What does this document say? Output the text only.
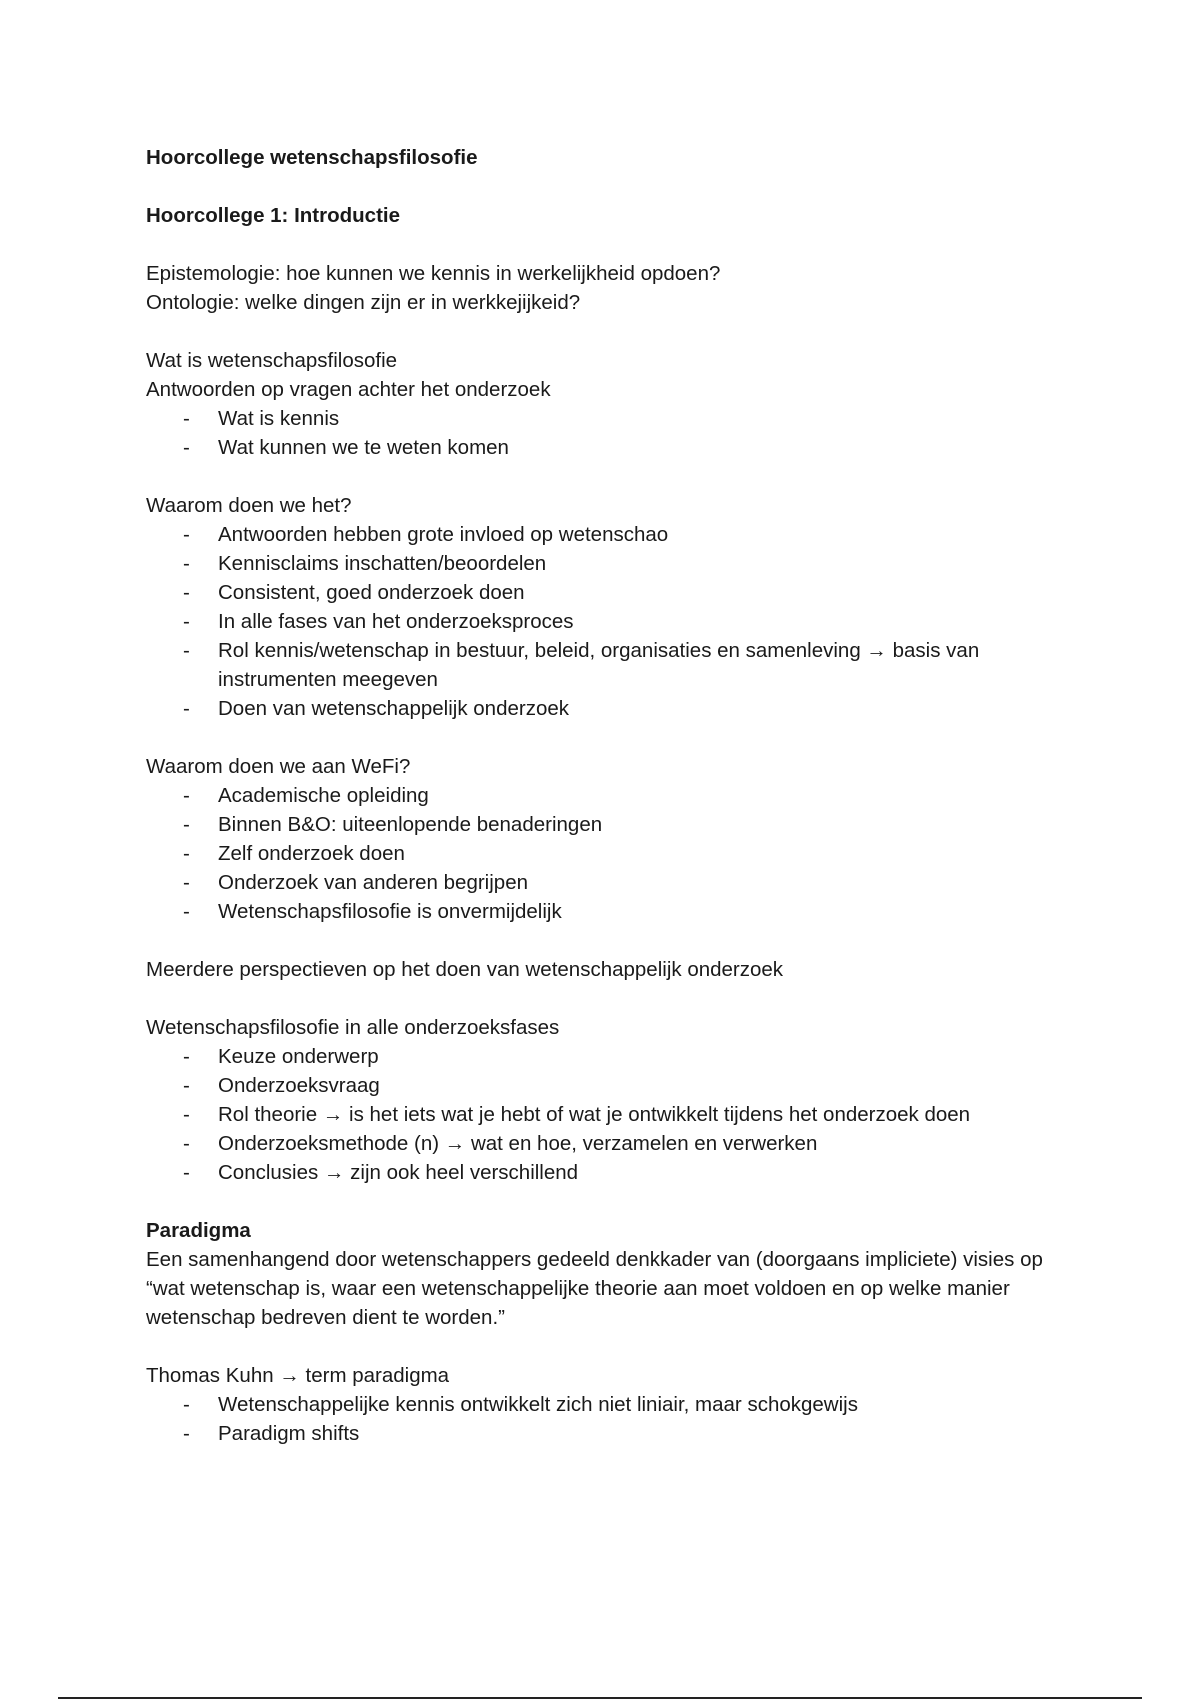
Hoorcollege wetenschapsfilosofie

Hoorcollege 1: Introductie

Epistemologie: hoe kunnen we kennis in werkelijkheid opdoen?

Ontologie: welke dingen zijn er in werkkejijkeid?

Wat is wetenschapsfilosofie

Antwoorden op vragen achter het onderzoek

- Wat is kennis
- Wat kunnen we te weten komen

Waarom doen we het?

- Antwoorden hebben grote invloed op wetenschao
- Kennisclaims inschatten/beoordelen
- Consistent, goed onderzoek doen
- In alle fases van het onderzoeksproces
- Rol kennis/wetenschap in bestuur, beleid, organisaties en samenleving → basis van instrumenten meegeven
- Doen van wetenschappelijk onderzoek

Waarom doen we aan WeFi?

- Academische opleiding
- Binnen B&O: uiteenlopende benaderingen
- Zelf onderzoek doen
- Onderzoek van anderen begrijpen
- Wetenschapsfilosofie is onvermijdelijk

Meerdere perspectieven op het doen van wetenschappelijk onderzoek

Wetenschapsfilosofie in alle onderzoeksfases

- Keuze onderwerp
- Onderzoeksvraag
- Rol theorie → is het iets wat je hebt of wat je ontwikkelt tijdens het onderzoek doen
- Onderzoeksmethode (n) → wat en hoe, verzamelen en verwerken
- Conclusies → zijn ook heel verschillend

Paradigma

Een samenhangend door wetenschappers gedeeld denkkader van (doorgaans impliciete) visies op “wat wetenschap is, waar een wetenschappelijke theorie aan moet voldoen en op welke manier wetenschap bedreven dient te worden.”

Thomas Kuhn → term paradigma

- Wetenschappelijke kennis ontwikkelt zich niet liniair, maar schokgewijs
- Paradigm shifts
